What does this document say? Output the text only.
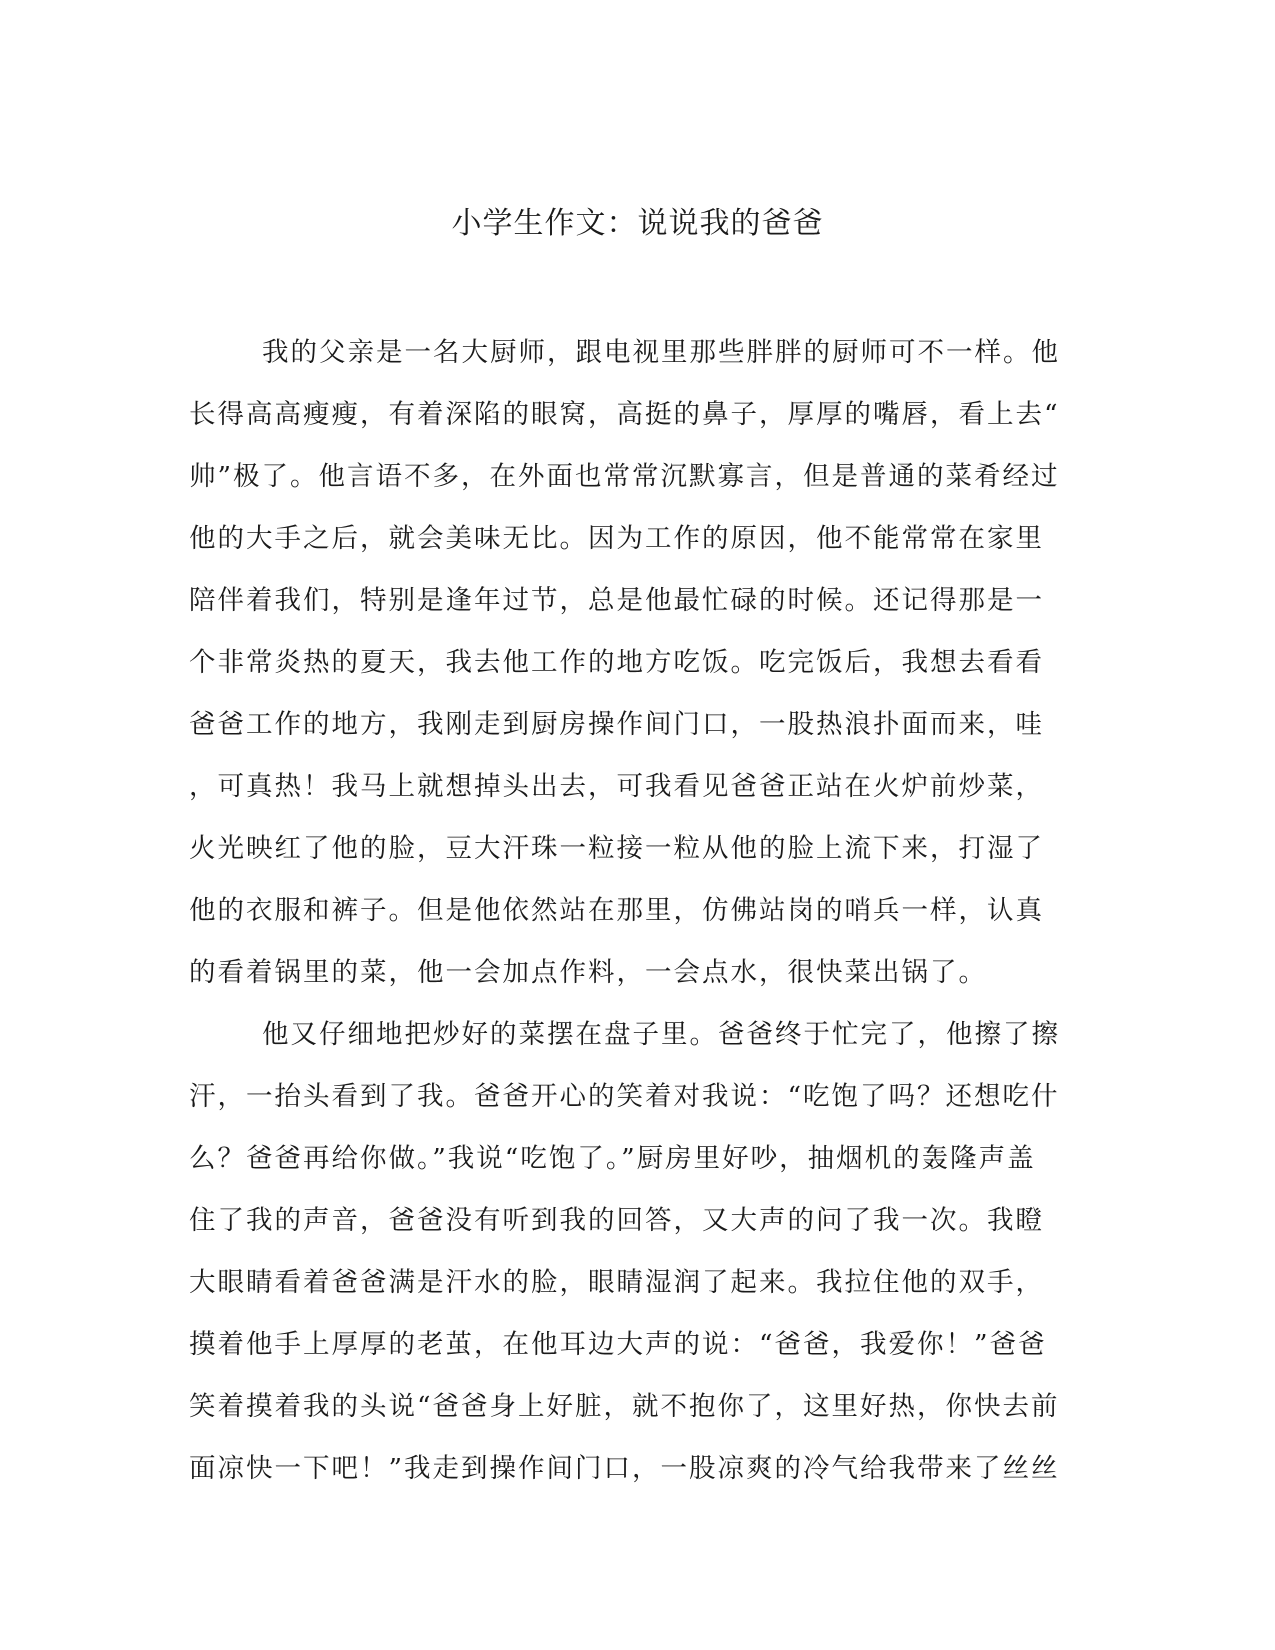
小学生作文：说说我的爸爸
我的父亲是一名大厨师，跟电视里那些胖胖的厨师可不一样。他
长得高高瘦瘦，有着深陷的眼窝，高挺的鼻子，厚厚的嘴唇，看上去“
帅”极了。他言语不多，在外面也常常沉默寡言，但是普通的菜肴经过
他的大手之后，就会美味无比。因为工作的原因，他不能常常在家里
陪伴着我们，特别是逢年过节，总是他最忙碌的时候。还记得那是一
个非常炎热的夏天，我去他工作的地方吃饭。吃完饭后，我想去看看
爸爸工作的地方，我刚走到厨房操作间门口，一股热浪扑面而来，哇
，可真热！我马上就想掉头出去，可我看见爸爸正站在火炉前炒菜，
火光映红了他的脸，豆大汗珠一粒接一粒从他的脸上流下来，打湿了
他的衣服和裤子。但是他依然站在那里，仿佛站岗的哨兵一样，认真
的看着锅里的菜，他一会加点作料，一会点水，很快菜出锅了。
他又仔细地把炒好的菜摆在盘子里。爸爸终于忙完了，他擦了擦
汗，一抬头看到了我。爸爸开心的笑着对我说：“吃饱了吗？还想吃什
么？爸爸再给你做。”我说“吃饱了。”厨房里好吵，抽烟机的轰隆声盖
住了我的声音，爸爸没有听到我的回答，又大声的问了我一次。我瞪
大眼睛看着爸爸满是汗水的脸，眼睛湿润了起来。我拉住他的双手，
摸着他手上厚厚的老茧，在他耳边大声的说：“爸爸，我爱你！”爸爸
笑着摸着我的头说“爸爸身上好脏，就不抱你了，这里好热，你快去前
面凉快一下吧！”我走到操作间门口，一股凉爽的冷气给我带来了丝丝
